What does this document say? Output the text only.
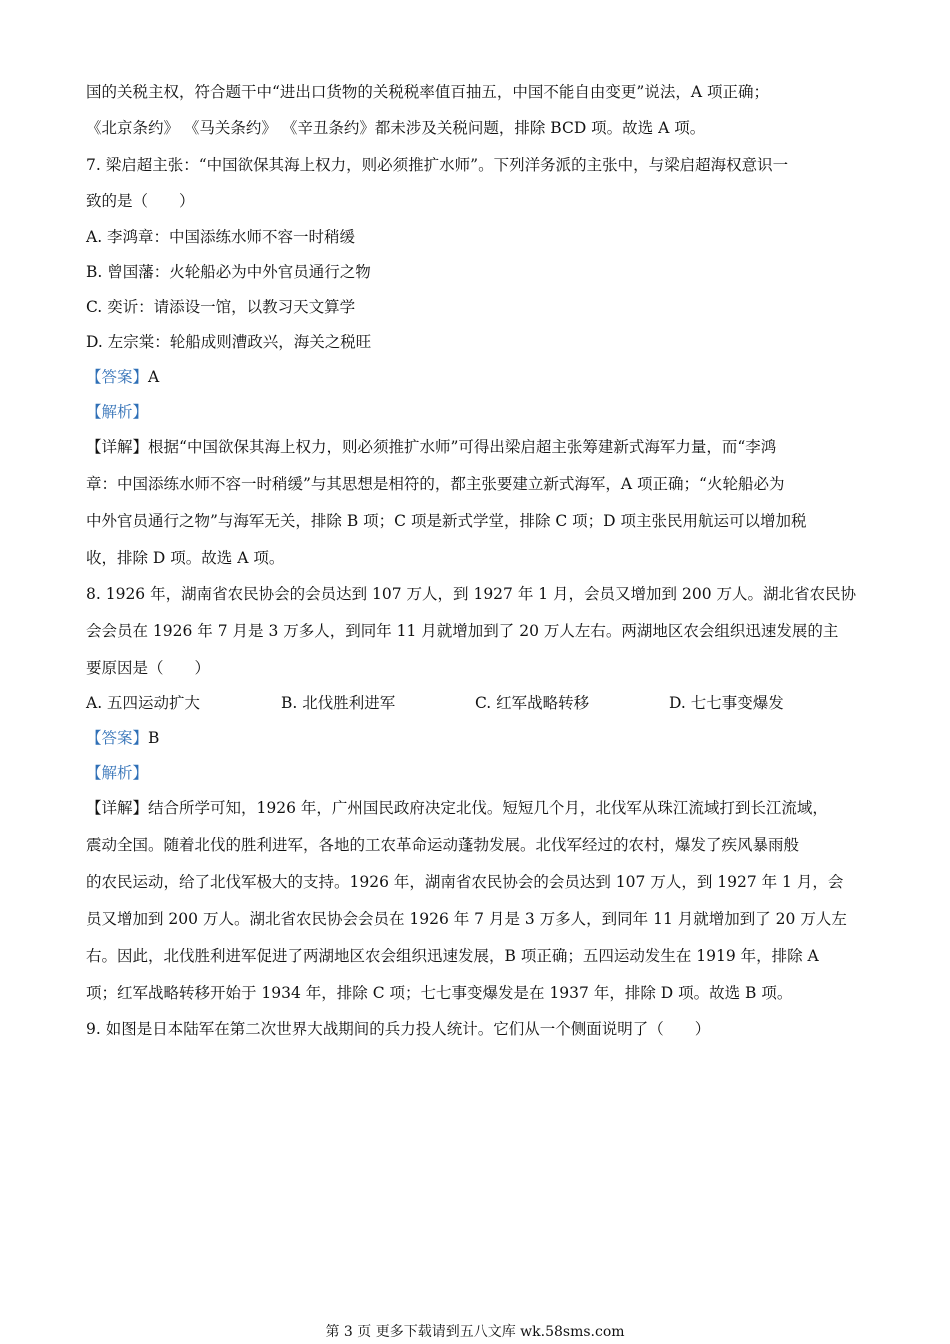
国的关税主权，符合题干中“进出口货物的关税税率值百抽五，中国不能自由变更”说法，A 项正确；
《北京条约》 《马关条约》 《辛丑条约》都未涉及关税问题，排除 BCD 项。故选 A 项。
7. 梁启超主张：“中国欲保其海上权力，则必须推扩水师”。下列洋务派的主张中，与梁启超海权意识一
致的是（　　）
A. 李鸿章：中国添练水师不容一时稍缓
B. 曾国藩：火轮船必为中外官员通行之物
C. 奕䜣：请添设一馆，以教习天文算学
D. 左宗棠：轮船成则漕政兴，海关之税旺
【答案】A
【解析】
【详解】根据“中国欲保其海上权力，则必须推扩水师”可得出梁启超主张筹建新式海军力量，而“李鸿
章：中国添练水师不容一时稍缓”与其思想是相符的，都主张要建立新式海军，A 项正确；“火轮船必为
中外官员通行之物”与海军无关，排除 B 项；C 项是新式学堂，排除 C 项；D 项主张民用航运可以增加税
收，排除 D 项。故选 A 项。
8. 1926 年，湖南省农民协会的会员达到 107 万人，到 1927 年 1 月，会员又增加到 200 万人。湖北省农民协
会会员在 1926 年 7 月是 3 万多人，到同年 11 月就增加到了 20 万人左右。两湖地区农会组织迅速发展的主
要原因是（　　）
A. 五四运动扩大	B. 北伐胜利进军	C. 红军战略转移	D. 七七事变爆发
【答案】B
【解析】
【详解】结合所学可知，1926 年，广州国民政府决定北伐。短短几个月，北伐军从珠江流域打到长江流域，
震动全国。随着北伐的胜利进军，各地的工农革命运动蓬勃发展。北伐军经过的农村，爆发了疾风暴雨般
的农民运动，给了北伐军极大的支持。1926 年，湖南省农民协会的会员达到 107 万人，到 1927 年 1 月，会
员又增加到 200 万人。湖北省农民协会会员在 1926 年 7 月是 3 万多人，到同年 11 月就增加到了 20 万人左
右。因此，北伐胜利进军促进了两湖地区农会组织迅速发展，B 项正确；五四运动发生在 1919 年，排除 A
项；红军战略转移开始于 1934 年，排除 C 项；七七事变爆发是在 1937 年，排除 D 项。故选 B 项。
9. 如图是日本陆军在第二次世界大战期间的兵力投人统计。它们从一个侧面说明了（　　）
第 3 页 更多下载请到五八文库 wk.58sms.com
